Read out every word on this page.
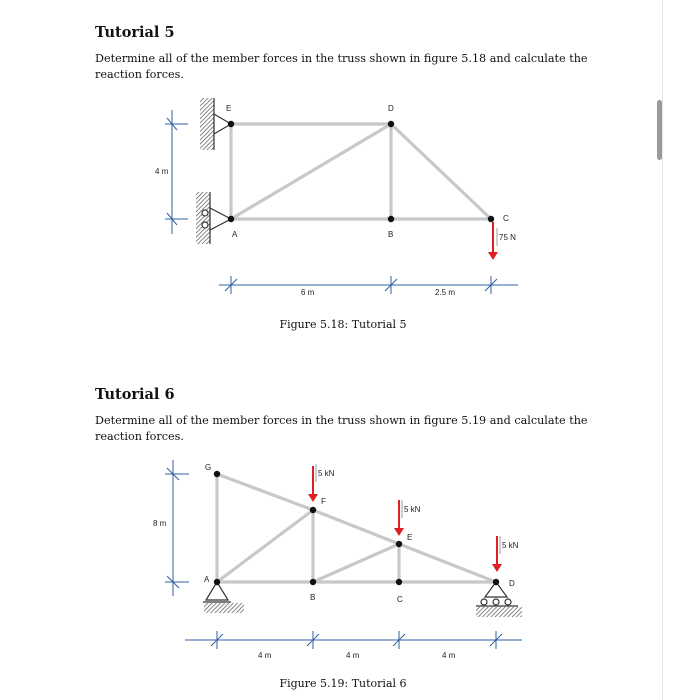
Tutorial 5

Determine all of the member forces in the truss shown in figure 5.18 and calculate the reaction forces.

E	D
C
B
A	75 N
4 m
6 m	2.5 m
Figure 5.18: Tutorial 5
Tutorial 6

Determine all of the member forces in the truss shown in figure 5.19 and calculate the reaction forces.

G
F
E
D
C
B
A
5 kN
5 kN
5 kN
8 m
4 m	4 m	4 m
Figure 5.19: Tutorial 6
